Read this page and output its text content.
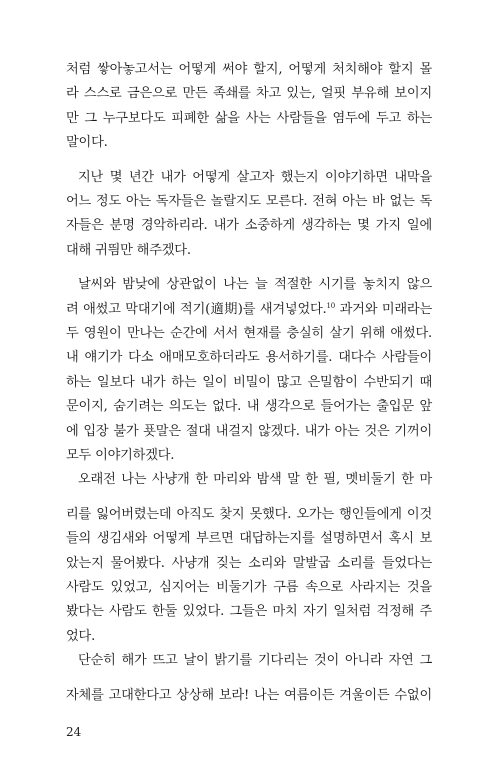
처럼 쌓아놓고서는 어떻게 써야 할지, 어떻게 처치해야 할지 몰
라 스스로 금은으로 만든 족쇄를 차고 있는, 얼핏 부유해 보이지
만 그 누구보다도 피폐한 삶을 사는 사람들을 염두에 두고 하는
말이다.
지난 몇 년간 내가 어떻게 살고자 했는지 이야기하면 내막을
어느 정도 아는 독자들은 놀랄지도 모른다. 전혀 아는 바 없는 독
자들은 분명 경악하리라. 내가 소중하게 생각하는 몇 가지 일에
대해 귀띔만 해주겠다.
날씨와 밤낮에 상관없이 나는 늘 적절한 시기를 놓치지 않으
려 애썼고 막대기에 적기(適期)를 새겨넣었다.$^{10}$ 과거와 미래라는
두 영원이 만나는 순간에 서서 현재를 충실히 살기 위해 애썼다.
내 얘기가 다소 애매모호하더라도 용서하기를. 대다수 사람들이
하는 일보다 내가 하는 일이 비밀이 많고 은밀함이 수반되기 때
문이지, 숨기려는 의도는 없다. 내 생각으로 들어가는 출입문 앞
에 입장 불가 푯말은 절대 내걸지 않겠다. 내가 아는 것은 기꺼이
모두 이야기하겠다.
오래전 나는 사냥개 한 마리와 밤색 말 한 필, 멧비둘기 한 마
리를 잃어버렸는데 아직도 찾지 못했다. 오가는 행인들에게 이것
들의 생김새와 어떻게 부르면 대답하는지를 설명하면서 혹시 보
았는지 물어봤다. 사냥개 짖는 소리와 말발굽 소리를 들었다는
사람도 있었고, 심지어는 비둘기가 구름 속으로 사라지는 것을
봤다는 사람도 한둘 있었다. 그들은 마치 자기 일처럼 걱정해 주
었다.
단순히 해가 뜨고 날이 밝기를 기다리는 것이 아니라 자연 그
자체를 고대한다고 상상해 보라! 나는 여름이든 겨울이든 수없이
24
